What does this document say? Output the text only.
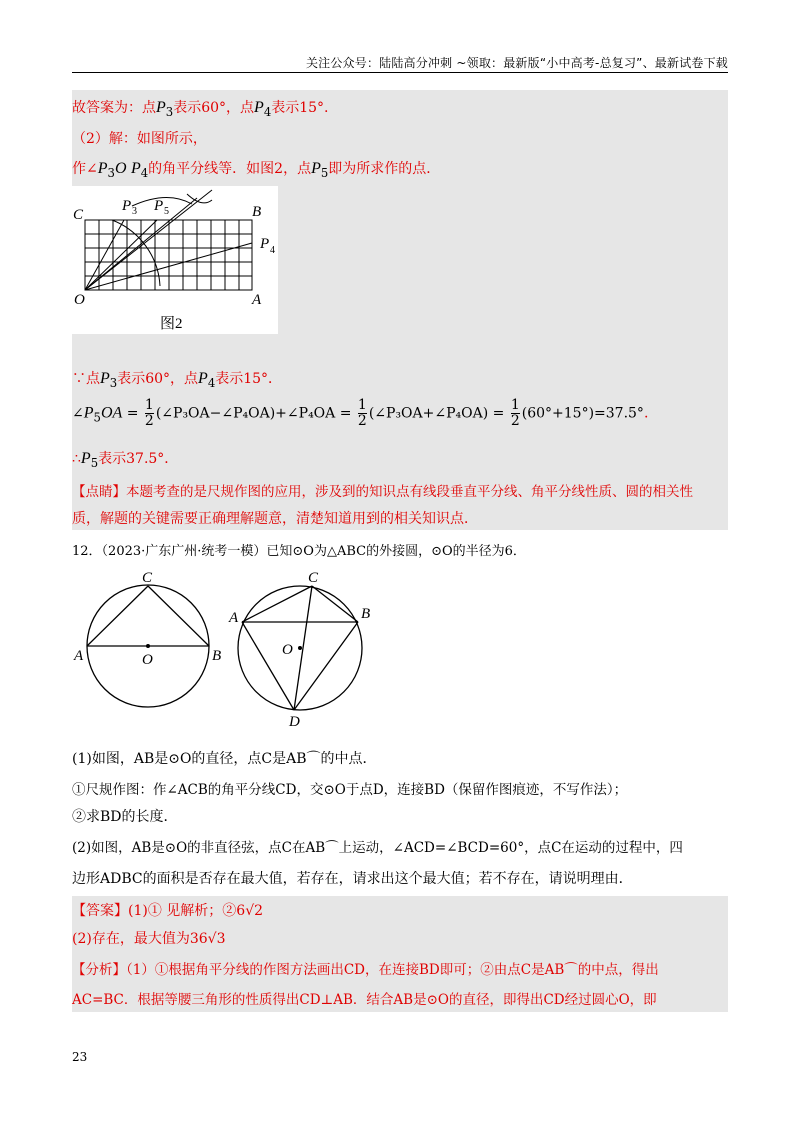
关注公众号：陆陆高分冲刺 ~领取：最新版“小中高考-总复习”、最新试卷下载
故答案为：点$P_3$表示60°，点$P_4$表示15°.
（2）解：如图所示，
作$\angle P_3O$ $P_4$的角平分线等．如图2，点$P_5$即为所求作的点．
C	B
O	A
P P
P
3	5
4
图2
∵点$P_3$表示60°，点$P_4$表示15°．
$\angle P_5OA = \frac{1}{2}$ (∠P₃OA−∠P₄OA)+∠P₄OA = $\frac{1}{2}$ (∠P₃OA+∠P₄OA) = $\frac{1}{2} (60^\circ+15^\circ)=37.5^\circ$.
$\therefore P_5$表示37.5°．
【点睛】本题考查的是尺规作图的应用，涉及到的知识点有线段垂直平分线、角平分线性质、圆的相关性
质，解题的关键需要正确理解题意，清楚知道用到的相关知识点．
12．（2023·广东广州·统考一模）已知⊙O为△ABC的外接圆，⊙O的半径为6．
C
A	B
O
C
A	B
D
O
(1)如图，AB是⊙O的直径，点C是AB⌒的中点．
①尺规作图：作∠ACB的角平分线CD，交⊙O于点D，连接BD（保留作图痕迹，不写作法）；
②求BD的长度．
(2)如图，AB是⊙O的非直径弦，点C在AB⌒上运动，∠ACD=∠BCD=60°，点C在运动的过程中，四
边形ADBC的面积是否存在最大值，若存在，请求出这个最大值；若不存在，请说明理由．
【答案】(1)① 见解析；②6√2
(2)存在，最大值为36√3
【分析】（1）①根据角平分线的作图方法画出CD，在连接BD即可；②由点C是AB⌒的中点，得出
AC=BC．根据等腰三角形的性质得出CD⊥AB．结合AB是⊙O的直径，即得出CD经过圆心O，即
23
